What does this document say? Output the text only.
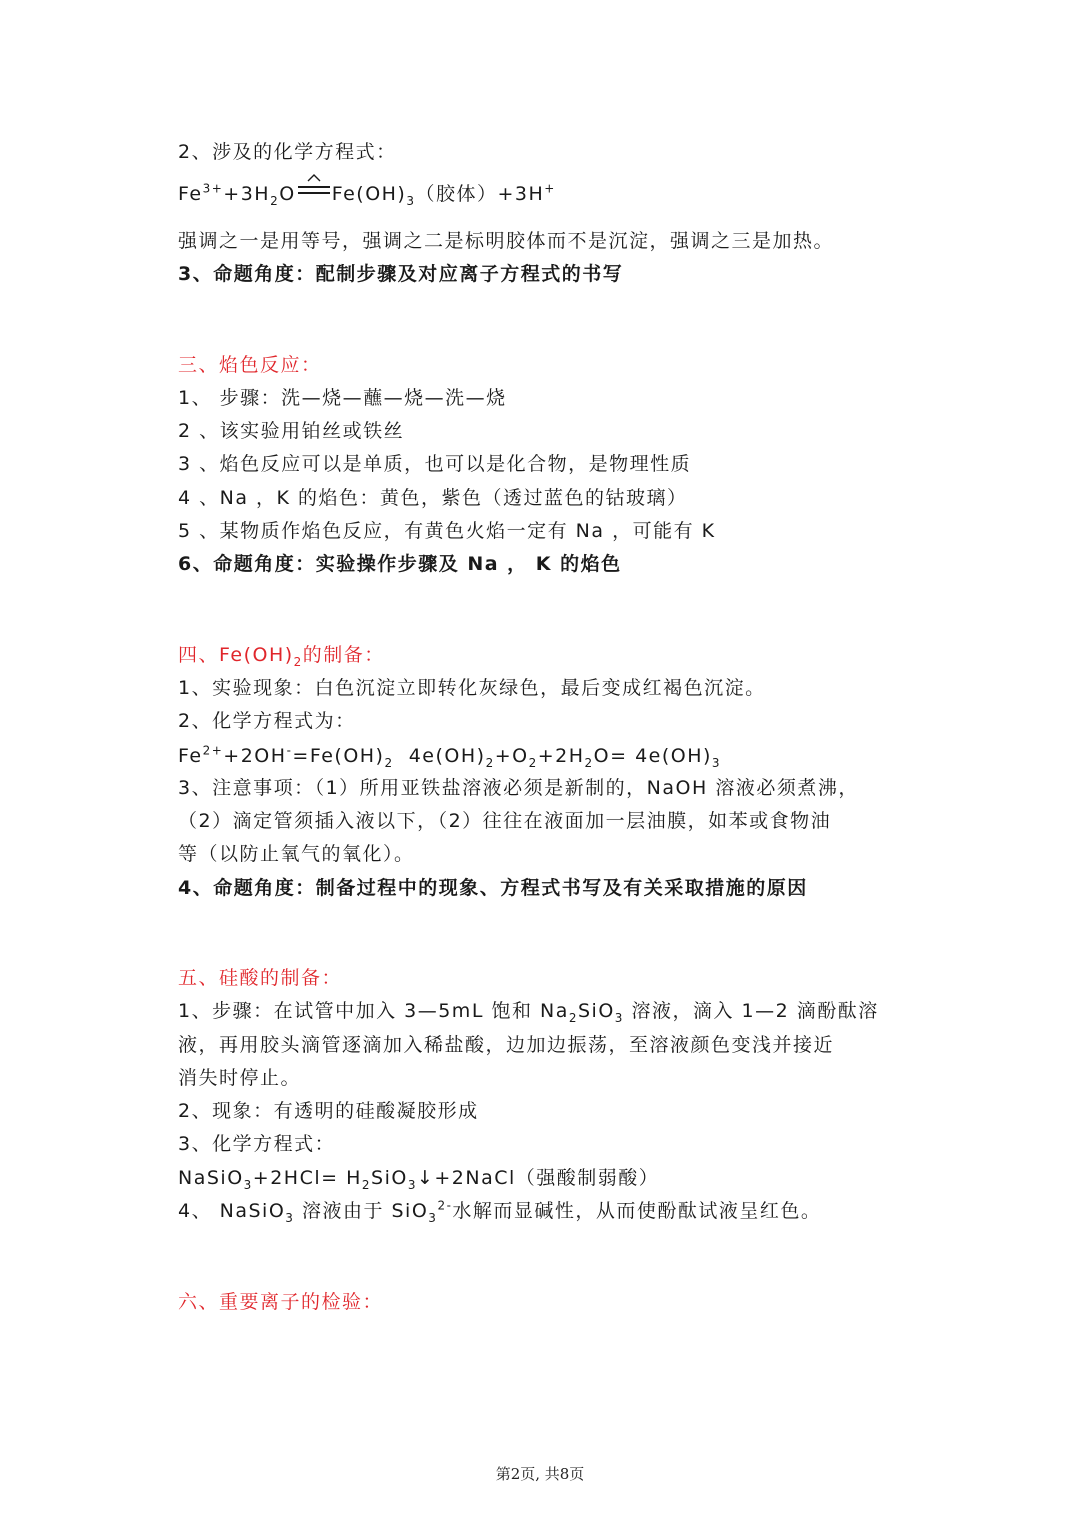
2、涉及的化学方程式：
$Fe^{3+}+3H_2O$ $Fe(OH)_3$（胶体）+3H+
强调之一是用等号，强调之二是标明胶体而不是沉淀，强调之三是加热。
3、命题角度：配制步骤及对应离子方程式的书写
三、焰色反应：
1、 步骤：洗—烧—蘸—烧—洗—烧
2 、该实验用铂丝或铁丝
3 、焰色反应可以是单质，也可以是化合物，是物理性质
4 、Na ，K 的焰色：黄色，紫色（透过蓝色的钴玻璃）
5 、某物质作焰色反应，有黄色火焰一定有 Na ，可能有 K
6、命题角度：实验操作步骤及 Na ， K 的焰色
四、$Fe(OH)_2$的制备：
1、实验现象：白色沉淀立即转化灰绿色，最后变成红褐色沉淀。
2、化学方程式为：
$Fe^{2+}+2OH^-=Fe(OH)_2$  $4e(OH)_2+O_2+2H_2O= 4e(OH)_3$
3、注意事项：（1）所用亚铁盐溶液必须是新制的，NaOH 溶液必须煮沸，
（2）滴定管须插入液以下，（2）往往在液面加一层油膜，如苯或食物油
等（以防止氧气的氧化）。
4、命题角度：制备过程中的现象、方程式书写及有关采取措施的原因
五、硅酸的制备：
1、步骤：在试管中加入 3—5mL 饱和 $Na_2SiO_3$ 溶液，滴入 1—2 滴酚酞溶
液，再用胶头滴管逐滴加入稀盐酸，边加边振荡，至溶液颜色变浅并接近
消失时停止。
2、现象：有透明的硅酸凝胶形成
3、化学方程式：
NaSiO$_3$+2HCl= $H_2SiO_3↓+2NaCl$（强酸制弱酸）
4、 NaSiO$_3$ 溶液由于 SiO$_3^{2-}$水解而显碱性，从而使酚酞试液呈红色。
六、重要离子的检验：
第2页, 共8页
